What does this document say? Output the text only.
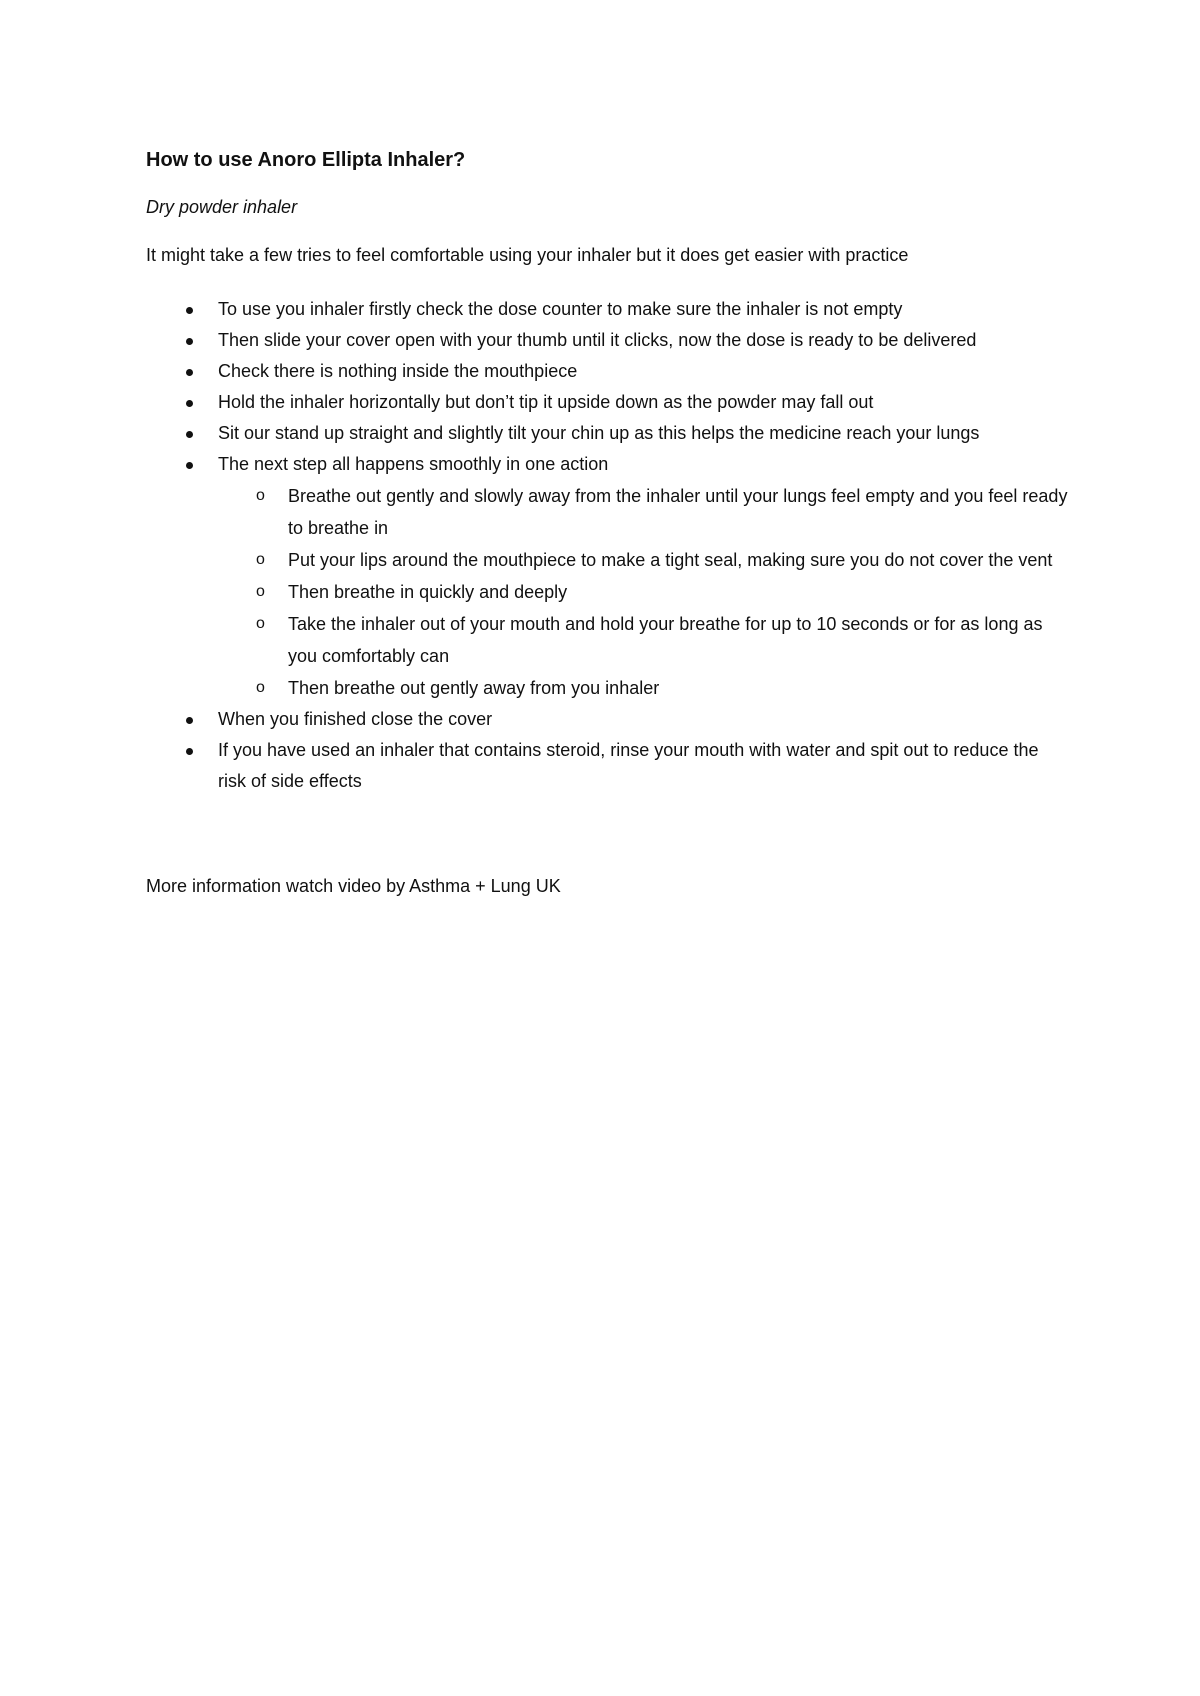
How to use Anoro Ellipta Inhaler?
Dry powder inhaler
It might take a few tries to feel comfortable using your inhaler but it does get easier with practice
To use you inhaler firstly check the dose counter to make sure the inhaler is not empty
Then slide your cover open with your thumb until it clicks, now the dose is ready to be delivered
Check there is nothing inside the mouthpiece
Hold the inhaler horizontally but don’t tip it upside down as the powder may fall out
Sit our stand up straight and slightly tilt your chin up as this helps the medicine reach your lungs
The next step all happens smoothly in one action
o Breathe out gently and slowly away from the inhaler until your lungs feel empty and you feel ready to breathe in
o Put your lips around the mouthpiece to make a tight seal, making sure you do not cover the vent
o Then breathe in quickly and deeply
o Take the inhaler out of your mouth and hold your breathe for up to 10 seconds or for as long as you comfortably can
o Then breathe out gently away from you inhaler
When you finished close the cover
If you have used an inhaler that contains steroid, rinse your mouth with water and spit out to reduce the risk of side effects
More information watch video by Asthma + Lung UK
